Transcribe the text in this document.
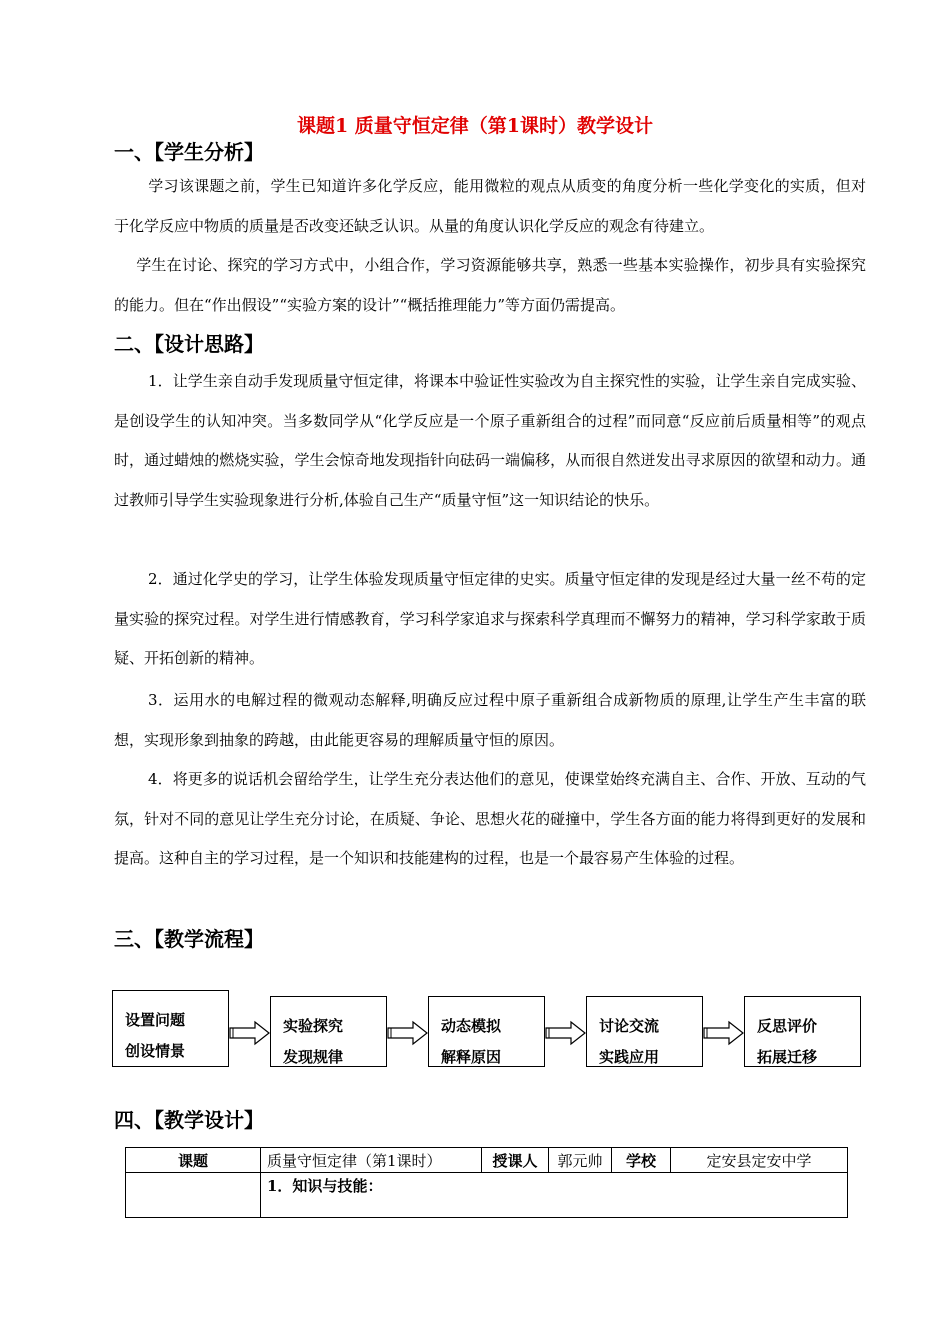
课题1 质量守恒定律（第1课时）教学设计
一、【学生分析】
学习该课题之前，学生已知道许多化学反应，能用微粒的观点从质变的角度分析一些化学变化的实质，但对于化学反应中物质的质量是否改变还缺乏认识。从量的角度认识化学反应的观念有待建立。
学生在讨论、探究的学习方式中，小组合作，学习资源能够共享，熟悉一些基本实验操作，初步具有实验探究的能力。但在“作出假设”“实验方案的设计”“概括推理能力”等方面仍需提高。
二、【设计思路】
1．让学生亲自动手发现质量守恒定律，将课本中验证性实验改为自主探究性的实验，让学生亲自完成实验、是创设学生的认知冲突。当多数同学从“化学反应是一个原子重新组合的过程”而同意“反应前后质量相等”的观点时，通过蜡烛的燃烧实验，学生会惊奇地发现指针向砝码一端偏移，从而很自然迸发出寻求原因的欲望和动力。通过教师引导学生实验现象进行分析,体验自己生产“质量守恒”这一知识结论的快乐。
2．通过化学史的学习，让学生体验发现质量守恒定律的史实。质量守恒定律的发现是经过大量一丝不苟的定量实验的探究过程。对学生进行情感教育，学习科学家追求与探索科学真理而不懈努力的精神，学习科学家敢于质疑、开拓创新的精神。
3．运用水的电解过程的微观动态解释,明确反应过程中原子重新组合成新物质的原理,让学生产生丰富的联想，实现形象到抽象的跨越，由此能更容易的理解质量守恒的原因。
4．将更多的说话机会留给学生，让学生充分表达他们的意见，使课堂始终充满自主、合作、开放、互动的气氛，针对不同的意见让学生充分讨论，在质疑、争论、思想火花的碰撞中，学生各方面的能力将得到更好的发展和提高。这种自主的学习过程，是一个知识和技能建构的过程，也是一个最容易产生体验的过程。
三、【教学流程】
设置问题
创设情景
实验探究
发现规律
动态模拟
解释原因
讨论交流
实践应用
反思评价
拓展迁移
四、【教学设计】
课题	质量守恒定律（第1课时）	授课人	郭元帅	学校	定安县定安中学
	1．知识与技能：				
